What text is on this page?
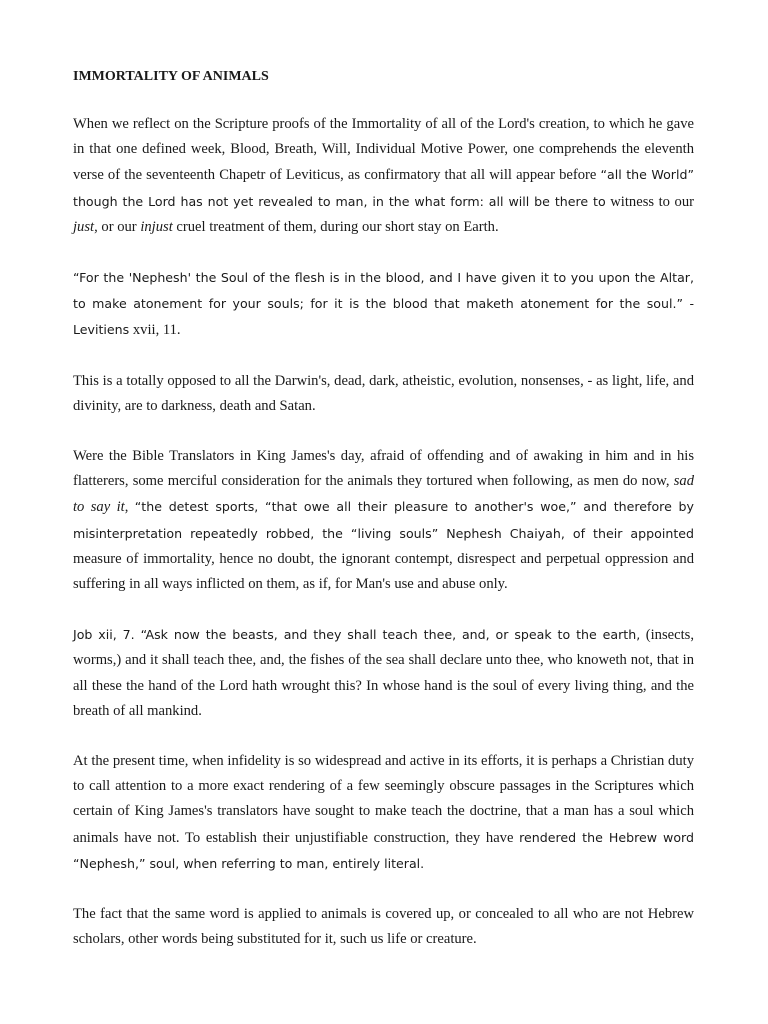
IMMORTALITY OF ANIMALS

When we reflect on the Scripture proofs of the Immortality of all of the Lord's creation, to which he gave in that one defined week, Blood, Breath, Will, Individual Motive Power, one comprehends the eleventh verse of the seventeenth Chapetr of Leviticus, as confirmatory that all will appear before “all the World” though the Lord has not yet revealed to man, in the what form: all will be there to witness to our just, or our injust cruel treatment of them, during our short stay on Earth.

“For the 'Nephesh' the Soul of the flesh is in the blood, and I have given it to you upon the Altar, to make atonement for your souls; for it is the blood that maketh atonement for the soul.” - Levitiens xvii, 11.

This is a totally opposed to all the Darwin's, dead, dark, atheistic, evolution, nonsenses, - as light, life, and divinity, are to darkness, death and Satan.

Were the Bible Translators in King James's day, afraid of offending and of awaking in him and in his flatterers, some merciful consideration for the animals they tortured when following, as men do now, sad to say it, “the detest sports, “that owe all their pleasure to another's woe,” and therefore by misinterpretation repeatedly robbed, the “living souls” Nephesh Chaiyah, of their appointed measure of immortality, hence no doubt, the ignorant contempt, disrespect and perpetual oppression and suffering in all ways inflicted on them, as if, for Man's use and abuse only.

Job xii, 7. “Ask now the beasts, and they shall teach thee, and, or speak to the earth, (insects, worms,) and it shall teach thee, and, the fishes of the sea shall declare unto thee, who knoweth not, that in all these the hand of the Lord hath wrought this? In whose hand is the soul of every living thing, and the breath of all mankind.

At the present time, when infidelity is so widespread and active in its efforts, it is perhaps a Christian duty to call attention to a more exact rendering of a few seemingly obscure passages in the Scriptures which certain of King James's translators have sought to make teach the doctrine, that a man has a soul which animals have not. To establish their unjustifiable construction, they have rendered the Hebrew word “Nephesh,” soul, when referring to man, entirely literal.

The fact that the same word is applied to animals is covered up, or concealed to all who are not Hebrew scholars, other words being substituted for it, such us life or creature.
